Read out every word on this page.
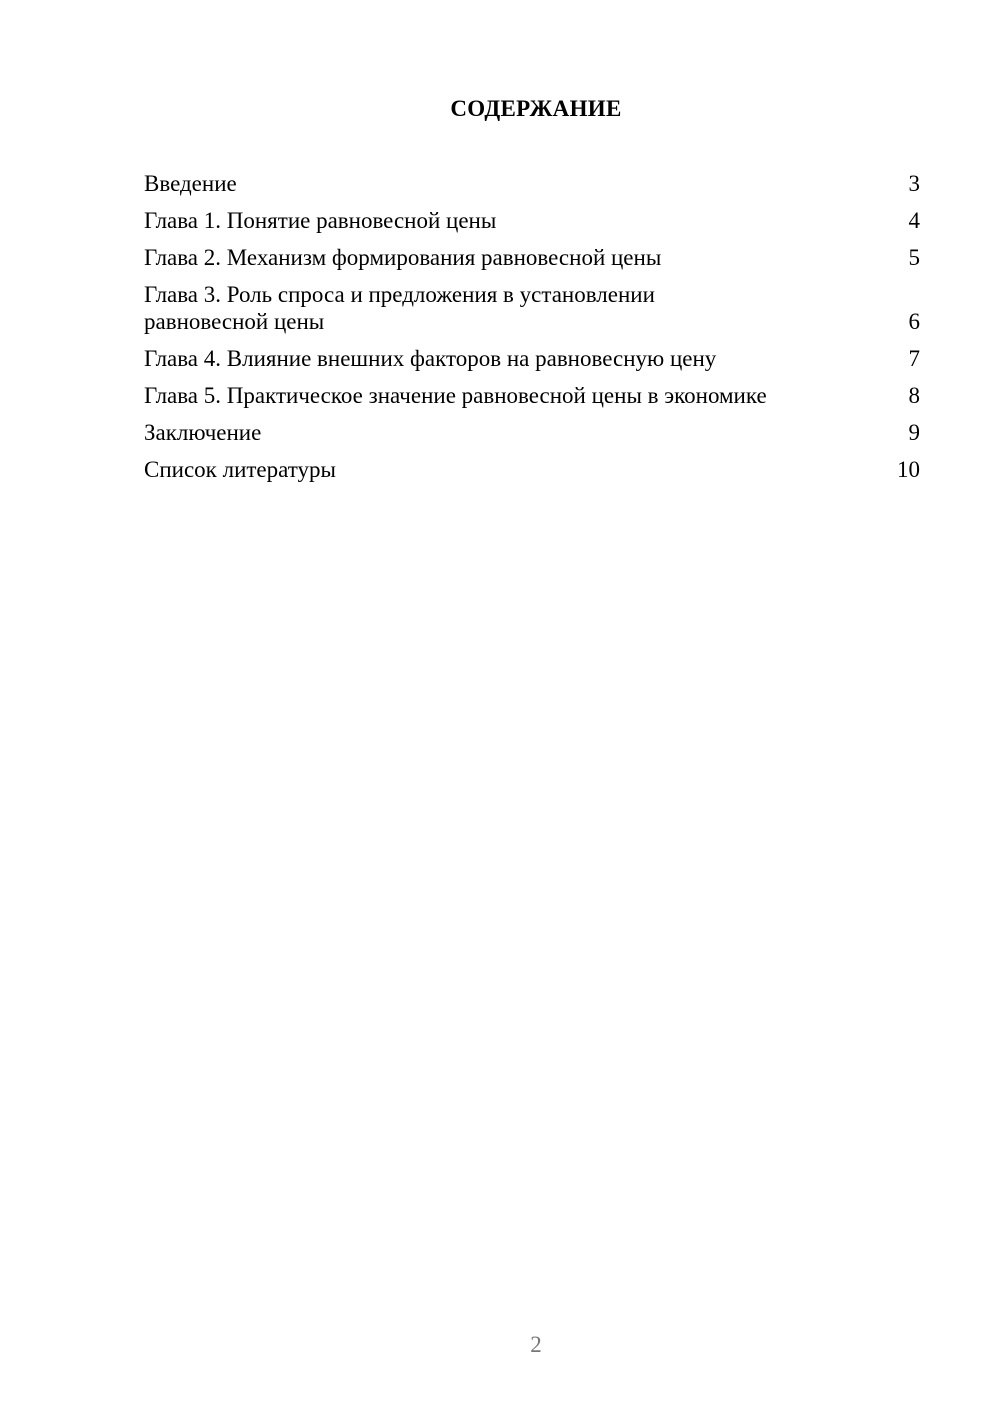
СОДЕРЖАНИЕ
Введение	3
Глава 1. Понятие равновесной цены	4
Глава 2. Механизм формирования равновесной цены	5
Глава 3. Роль спроса и предложения в установлении равновесной цены	6
Глава 4. Влияние внешних факторов на равновесную цену	7
Глава 5. Практическое значение равновесной цены в экономике	8
Заключение	9
Список литературы	10
2
